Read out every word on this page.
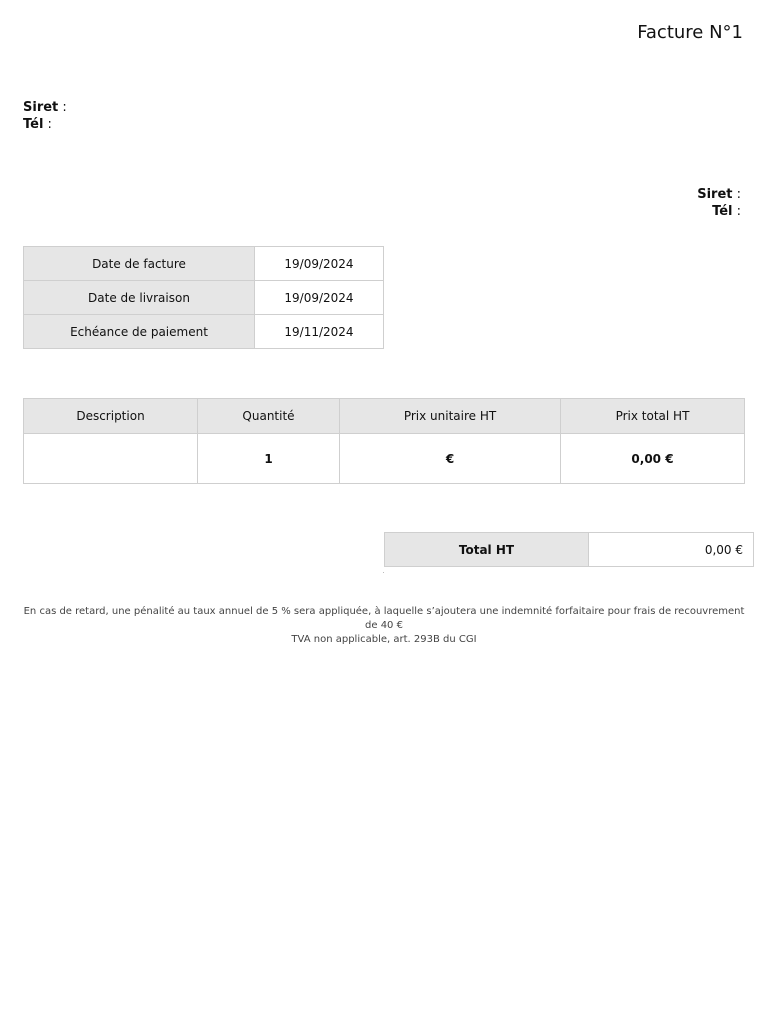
Facture N°1
Siret :
Tél :
Siret :
Tél :
Date de facture	19/09/2024
Date de livraison	19/09/2024
Echéance de paiement	19/11/2024
Description	Quantité	Prix unitaire HT	Prix total HT
	1	€	0,00 €
Total HT	0,00 €
En cas de retard, une pénalité au taux annuel de 5 % sera appliquée, à laquelle s’ajoutera une indemnité forfaitaire pour frais de recouvrement de 40 €
TVA non applicable, art. 293B du CGI
